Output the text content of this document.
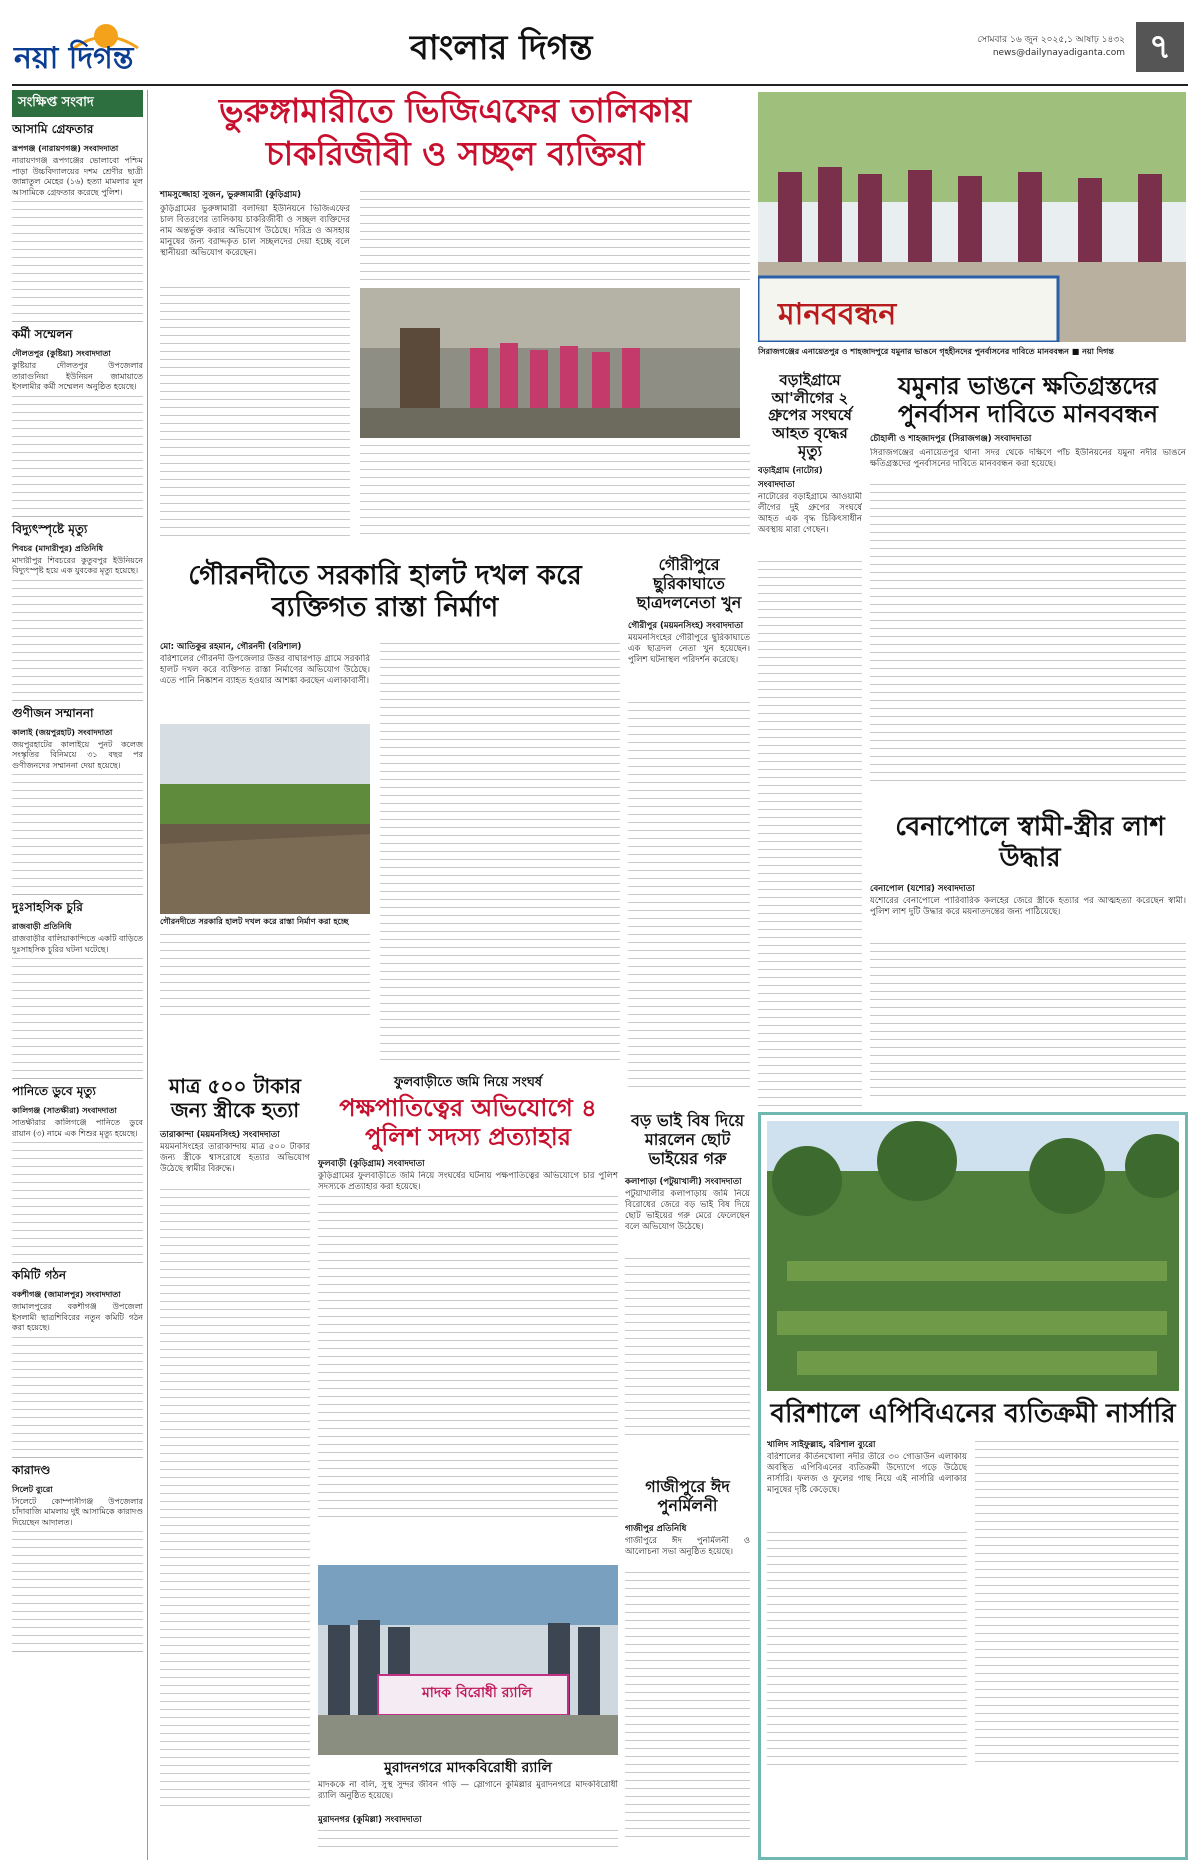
নয়া দিগন্ত	বাংলার দিগন্ত	সোমবার ১৬ জুন ২০২৫,১ আষাঢ় ১৪৩২
news@dailynayadiganta.com ৭
সংক্ষিপ্ত সংবাদ
আসামি গ্রেফতার
রূপগঞ্জ (নারায়ণগঞ্জ) সংবাদদাতা
নারায়ণগঞ্জ রূপগঞ্জের ভোলাবো পশ্চিম পাড়া উচ্চবিদ্যালয়ের দশম শ্রেণীর ছাত্রী জান্নাতুল মেহের (১৬) হত্যা মামলার মূল আসামিকে গ্রেফতার করেছে পুলিশ।
কর্মী সম্মেলন
দৌলতপুর (কুষ্টিয়া) সংবাদদাতা
কুষ্টিয়ার দৌলতপুর উপজেলার তারাগুনিয়া ইউনিয়ন জামায়াতে ইসলামীর কর্মী সম্মেলন অনুষ্ঠিত হয়েছে।
বিদ্যুৎস্পৃষ্টে মৃত্যু
শিবচর (মাদারীপুর) প্রতিনিধি
মাদারীপুর শিবচরের কুতুবপুর ইউনিয়নে বিদ্যুৎস্পৃষ্ট হয়ে এক যুবকের মৃত্যু হয়েছে।
গুণীজন সম্মাননা
কালাই (জয়পুরহাট) সংবাদদাতা
জয়পুরহাটের কালাইয়ে পুনট কলেজ সংস্কৃতির বিনিময়ে ৩১ বছর পর গুণীজনদের সম্মাননা দেয়া হয়েছে।
দুঃসাহসিক চুরি
রাজবাড়ী প্রতিনিধি
রাজবাড়ীর বালিয়াকান্দিতে একটি বাড়িতে দুঃসাহসিক চুরির ঘটনা ঘটেছে।
পানিতে ডুবে মৃত্যু
কালিগঞ্জ (সাতক্ষীরা) সংবাদদাতা
সাতক্ষীরার কালিগঞ্জে পানিতে ডুবে রায়ান (৩) নামে এক শিশুর মৃত্যু হয়েছে।
কমিটি গঠন
বকশীগঞ্জ (জামালপুর) সংবাদদাতা
জামালপুরের বকশীগঞ্জ উপজেলা ইসলামী ছাত্রশিবিরের নতুন কমিটি গঠন করা হয়েছে।
কারাদণ্ড
সিলেট ব্যুরো
সিলেটে কোম্পানীগঞ্জ উপজেলার চাঁদাবাজি মামলায় দুই আসামিকে কারাদণ্ড দিয়েছেন আদালত।
ভুরুঙ্গামারীতে ভিজিএফের তালিকায়
চাকরিজীবী ও সচ্ছল ব্যক্তিরা
শামসুজ্জোহা সুজন, ভুরুঙ্গামারী (কুড়িগ্রাম)
কুড়িগ্রামের ভুরুঙ্গামারী বলদিয়া ইউনিয়নে ভিজিএফের চাল বিতরণের তালিকায় চাকরিজীবী ও সচ্ছল ব্যক্তিদের নাম অন্তর্ভুক্ত করার অভিযোগ উঠেছে। দরিদ্র ও অসহায় মানুষের জন্য বরাদ্দকৃত চাল সচ্ছলদের দেয়া হচ্ছে বলে স্থানীয়রা অভিযোগ করেছেন।
মানববন্ধন
সিরাজগঞ্জের এনায়েতপুর ও শাহজাদপুরে যমুনার ভাঙনে গৃহহীনদের পুনর্বাসনের দাবিতে মানববন্ধন ■ নয়া দিগন্ত
যমুনার ভাঙনে ক্ষতিগ্রস্তদের পুনর্বাসন দাবিতে মানববন্ধন
চৌহালী ও শাহজাদপুর (সিরাজগঞ্জ) সংবাদদাতা
সিরাজগঞ্জের এনায়েতপুর থানা সদর থেকে দক্ষিণে পাঁচ ইউনিয়নের যমুনা নদীর ভাঙনে ক্ষতিগ্রস্তদের পুনর্বাসনের দাবিতে মানববন্ধন করা হয়েছে।
বড়াইগ্রামে আ'লীগের ২ গ্রুপের সংঘর্ষে আহত বৃদ্ধের মৃত্যু
বড়াইগ্রাম (নাটোর) সংবাদদাতা
নাটোরের বড়াইগ্রামে আওয়ামী লীগের দুই গ্রুপের সংঘর্ষে আহত এক বৃদ্ধ চিকিৎসাধীন অবস্থায় মারা গেছেন।
বেনাপোলে স্বামী-স্ত্রীর লাশ উদ্ধার
বেনাপোল (যশোর) সংবাদদাতা
যশোরের বেনাপোলে পারিবারিক কলহের জেরে স্ত্রীকে হত্যার পর আত্মহত্যা করেছেন স্বামী। পুলিশ লাশ দুটি উদ্ধার করে ময়নাতদন্তের জন্য পাঠিয়েছে।
গৌরীপুরে ছুরিকাঘাতে ছাত্রদলনেতা খুন
গৌরীপুর (ময়মনসিংহ) সংবাদদাতা
ময়মনসিংহের গৌরীপুরে ছুরিকাঘাতে এক ছাত্রদল নেতা খুন হয়েছেন। পুলিশ ঘটনাস্থল পরিদর্শন করেছে।
গৌরনদীতে সরকারি হালট দখল করে ব্যক্তিগত রাস্তা নির্মাণ
মো: আতিকুর রহমান, গৌরনদী (বরিশাল)
বরিশালের গৌরনদী উপজেলার উত্তর বাঘারপাড় গ্রামে সরকারি হালট দখল করে ব্যক্তিগত রাস্তা নির্মাণের অভিযোগ উঠেছে। এতে পানি নিষ্কাশন ব্যাহত হওয়ার আশঙ্কা করছেন এলাকাবাসী।
গৌরনদীতে সরকারি হালট দখল করে রাস্তা নির্মাণ করা হচ্ছে
মাত্র ৫০০ টাকার জন্য স্ত্রীকে হত্যা
তারাকান্দা (ময়মনসিংহ) সংবাদদাতা
ময়মনসিংহের তারাকান্দায় মাত্র ৫০০ টাকার জন্য স্ত্রীকে শ্বাসরোধে হত্যার অভিযোগ উঠেছে স্বামীর বিরুদ্ধে।
ফুলবাড়ীতে জমি নিয়ে সংঘর্ষ
পক্ষপাতিত্বের অভিযোগে ৪ পুলিশ সদস্য প্রত্যাহার
ফুলবাড়ী (কুড়িগ্রাম) সংবাদদাতা
কুড়িগ্রামের ফুলবাড়ীতে জমি নিয়ে সংঘর্ষের ঘটনায় পক্ষপাতিত্বের অভিযোগে চার পুলিশ সদস্যকে প্রত্যাহার করা হয়েছে।
মাদক বিরোধী র‍্যালি
মুরাদনগরে মাদকবিরোধী র‍্যালি
মাদককে না বলি, সুস্থ সুন্দর জীবন গড়ি — স্লোগানে কুমিল্লার মুরাদনগরে মাদকবিরোধী র‍্যালি অনুষ্ঠিত হয়েছে।
মুরাদনগর (কুমিল্লা) সংবাদদাতা
বড় ভাই বিষ দিয়ে মারলেন ছোট ভাইয়ের গরু
কলাপাড়া (পটুয়াখালী) সংবাদদাতা
পটুয়াখালীর কলাপাড়ায় জমি নিয়ে বিরোধের জেরে বড় ভাই বিষ দিয়ে ছোট ভাইয়ের গরু মেরে ফেলেছেন বলে অভিযোগ উঠেছে।
গাজীপুরে ঈদ পুনর্মিলনী
গাজীপুর প্রতিনিধি
গাজীপুরে ঈদ পুনর্মিলনী ও আলোচনা সভা অনুষ্ঠিত হয়েছে।
বরিশালে এপিবিএনের ব্যতিক্রমী নার্সারি
খালিদ সাইফুল্লাহ, বরিশাল ব্যুরো
বরিশালের কীর্তনখোলা নদীর তীরে ৩০ গোডাউন এলাকায় অবস্থিত এপিবিএনের ব্যতিক্রমী উদ্যোগে গড়ে উঠেছে নার্সারি। ফলজ ও ফুলের গাছ নিয়ে এই নার্সারি এলাকার মানুষের দৃষ্টি কেড়েছে।
